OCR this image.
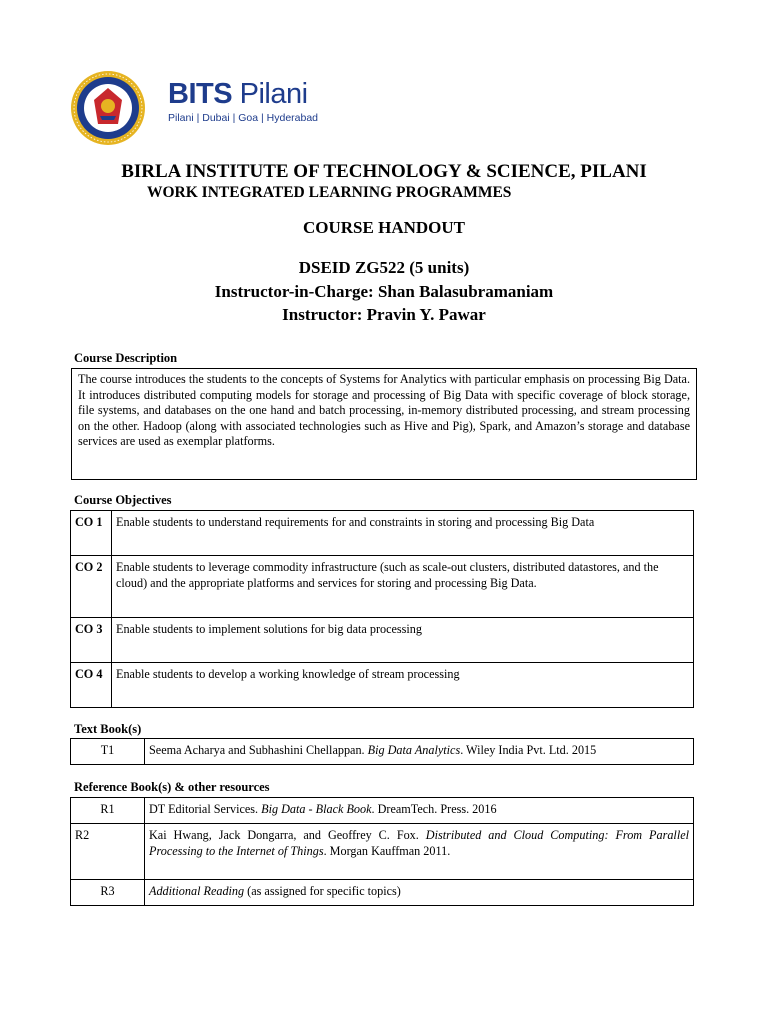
BITS Pilani
Pilani | Dubai | Goa | Hyderabad
BIRLA INSTITUTE OF TECHNOLOGY & SCIENCE, PILANI
WORK INTEGRATED LEARNING PROGRAMMES
COURSE HANDOUT
DSEID ZG522 (5 units)
Instructor-in-Charge: Shan Balasubramaniam
Instructor: Pravin Y. Pawar
Course Description
The course introduces the students to the concepts of Systems for Analytics with particular emphasis on processing Big Data. It introduces distributed computing models for storage and processing of Big Data with specific coverage of block storage, file systems, and databases on the one hand and batch processing, in-memory distributed processing, and stream processing on the other. Hadoop (along with associated technologies such as Hive and Pig), Spark, and Amazon’s storage and database services are used as exemplar platforms.
Course Objectives
CO 1	Enable students to understand requirements for and constraints in storing and processing Big Data
CO 2	Enable students to leverage commodity infrastructure (such as scale-out clusters, distributed datastores, and the cloud) and the appropriate platforms and services for storing and processing Big Data.
CO 3	Enable students to implement solutions for big data processing
CO 4	Enable students to develop a working knowledge of stream processing
Text Book(s)
T1	Seema Acharya and Subhashini Chellappan. Big Data Analytics. Wiley India Pvt. Ltd. 2015
Reference Book(s) & other resources
R1	DT Editorial Services. Big Data - Black Book. DreamTech. Press. 2016
R2	Kai Hwang, Jack Dongarra, and Geoffrey C. Fox. Distributed and Cloud Computing: From Parallel Processing to the Internet of Things. Morgan Kauffman 2011.
R3	Additional Reading (as assigned for specific topics)
